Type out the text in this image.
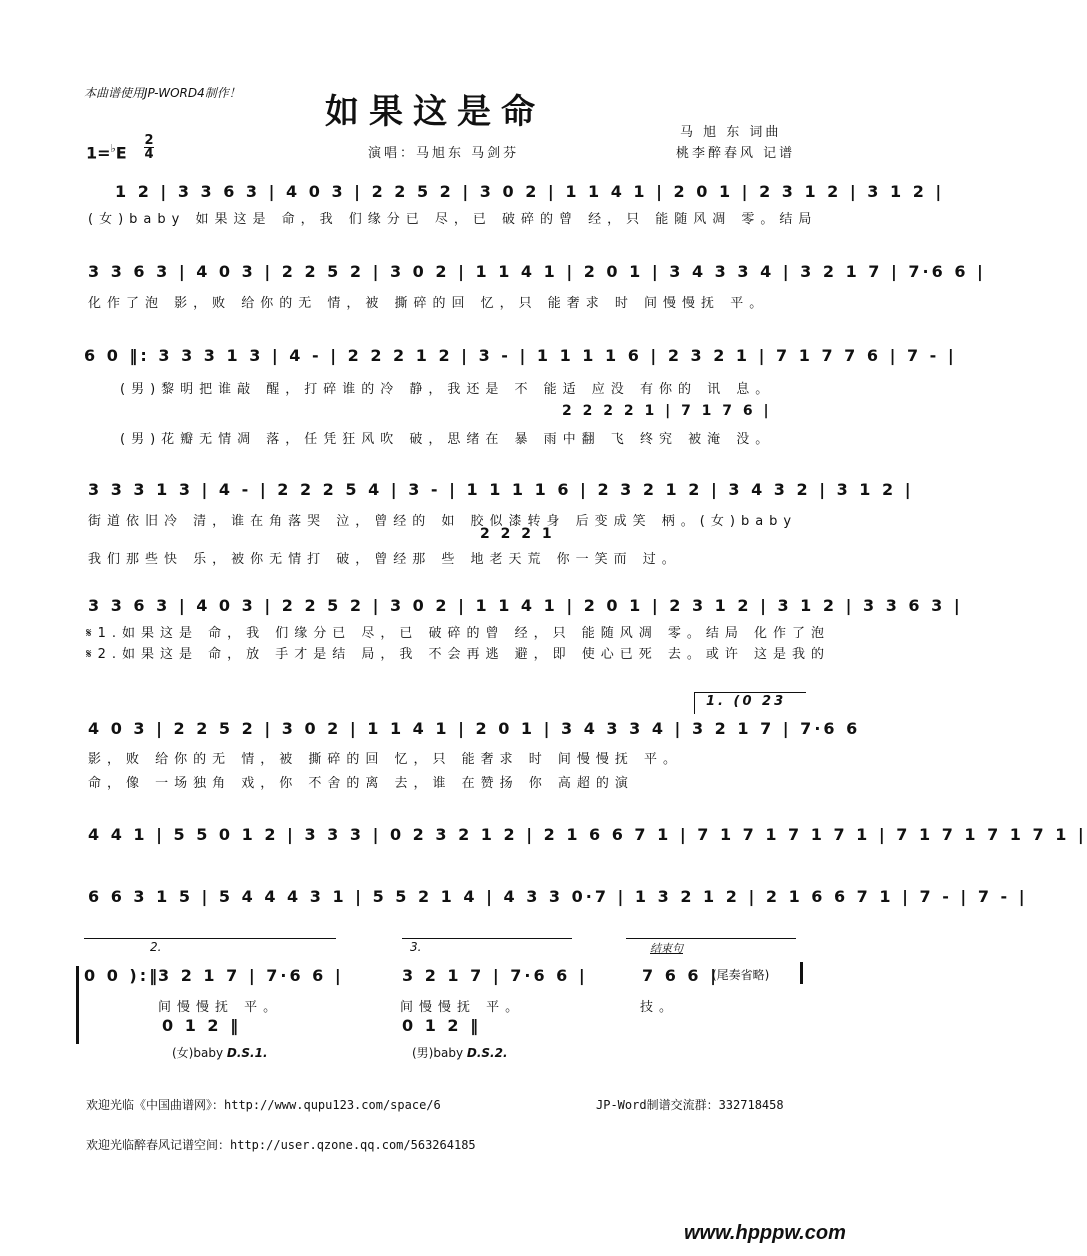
本曲谱使用JP-WORD4制作！ 如果这是命
马 旭 东 词曲
桃李醉春风 记谱
演唱：马旭东 马剑芬
1=♭E
2
4
1 2 | 3 3 6 3 | 4 0 3 | 2 2 5 2 | 3 0 2 | 1 1 4 1 | 2 0 1 | 2 3 1 2 | 3 1 2 |
(女)baby 如果这是 命，我 们缘分已 尽，已 破碎的曾 经，只 能随风凋 零。结局
3 3 6 3 | 4 0 3 | 2 2 5 2 | 3 0 2 | 1 1 4 1 | 2 0 1 | 3 4 3 3 4 | 3 2 1 7 | 7·6 6 |
化作了泡 影，败 给你的无 情，被 撕碎的回 忆，只 能奢求 时 间慢慢抚 平。
6 0 ‖: 3 3 3 1 3 | 4 - | 2 2 2 1 2 | 3 - | 1 1 1 1 6 | 2 3 2 1 | 7 1 7 7 6 | 7 - |
(男)黎明把谁敲 醒，打碎谁的冷 静，我还是 不 能适 应没 有你的 讯 息。
2 2 2 2 1 | 7 1 7 6 |
(男)花瓣无情凋 落，任凭狂风吹 破，思绪在 暴 雨中翻 飞 终究 被淹 没。
3 3 3 1 3 | 4 - | 2 2 2 5 4 | 3 - | 1 1 1 1 6 | 2 3 2 1 2 | 3 4 3 2 | 3 1 2 |
街道依旧冷 清，谁在角落哭 泣，曾经的 如 胶似漆转身 后变成笑 柄。(女)baby
2 2 2 1
我们那些快 乐，被你无情打 破，曾经那 些 地老天荒 你一笑而 过。
3 3 6 3 | 4 0 3 | 2 2 5 2 | 3 0 2 | 1 1 4 1 | 2 0 1 | 2 3 1 2 | 3 1 2 | 3 3 6 3 |
𝄋1.如果这是 命，我 们缘分已 尽，已 破碎的曾 经，只 能随风凋 零。结局 化作了泡
𝄋2.如果这是 命，放 手才是结 局，我 不会再逃 避，即 使心已死 去。或许 这是我的
1. (0 23
4 0 3 | 2 2 5 2 | 3 0 2 | 1 1 4 1 | 2 0 1 | 3 4 3 3 4 | 3 2 1 7 | 7·6 6
影，败 给你的无 情，被 撕碎的回 忆，只 能奢求 时 间慢慢抚 平。
命，像 一场独角 戏，你 不舍的离 去，谁 在赞扬 你 高超的演
4 4 1 | 5 5 0 1 2 | 3 3 3 | 0 2 3 2 1 2 | 2 1 6 6 7 1 | 7 1 7 1 7 1 7 1 | 7 1 7 1 7 1 7 1 |
6 6 3 1 5 | 5 4 4 4 3 1 | 5 5 2 1 4 | 4 3 3 0·7 | 1 3 2 1 2 | 2 1 6 6 7 1 | 7 - | 7 - |
0 0 ):‖
2.
3 2 1 7 | 7·6 6 |
间慢慢抚 平。
0 1 2 ‖
(女)baby D.S.1.
3.
3 2 1 7 | 7·6 6 |
间慢慢抚 平。
0 1 2 ‖
(男)baby D.S.2.
结束句
7 6 6 |
(尾奏省略)
技。
欢迎光临《中国曲谱网》：http://www.qupu123.com/space/6	JP-Word制谱交流群：332718458
欢迎光临醉春风记谱空间：http://user.qzone.qq.com/563264185
www.hpppw.com
